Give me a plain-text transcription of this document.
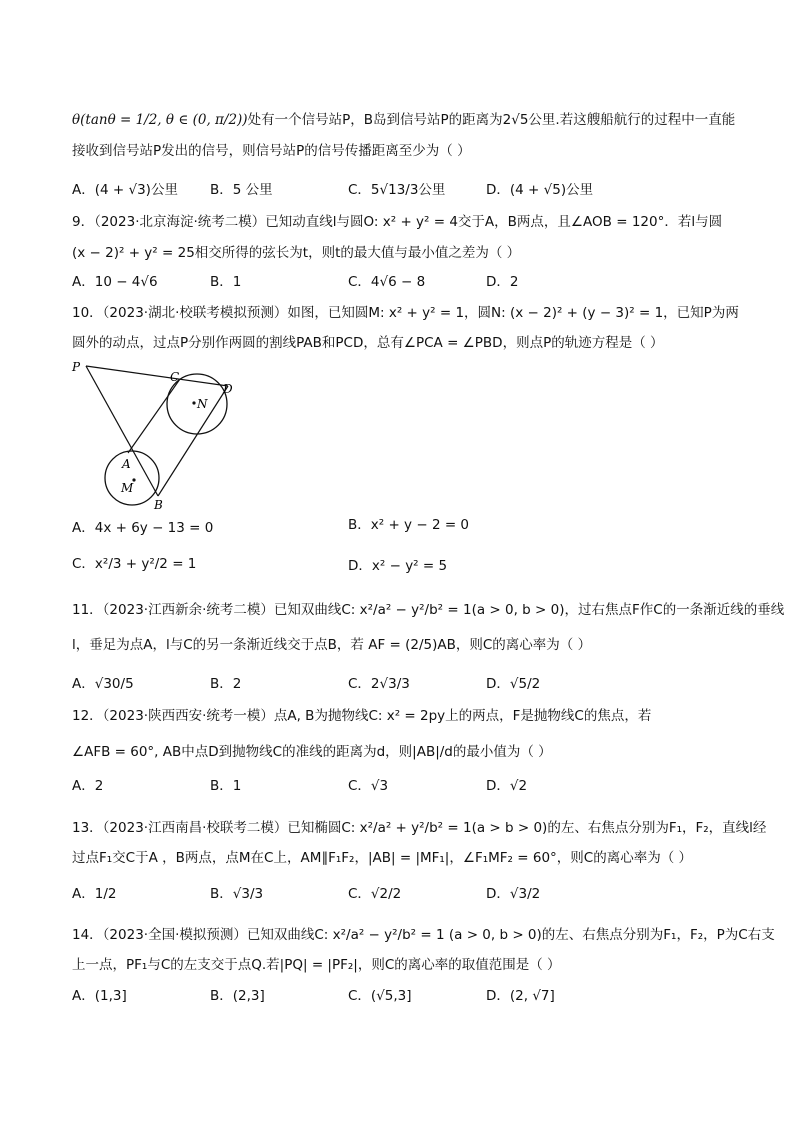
θ(tanθ = 1/2, θ ∈ (0, π/2))处有一个信号站P，B岛到信号站P的距离为2√5公里.若这艘船航行的过程中一直能
接收到信号站P发出的信号，则信号站P的信号传播距离至少为（ ）
A．(4 + √3)公里 B．5 公里	C．5√13/3公里	D．(4 + √5)公里
9．（2023·北京海淀·统考二模）已知动直线l与圆O: x² + y² = 4交于A，B两点，且∠AOB = 120°．若l与圆
(x − 2)² + y² = 25相交所得的弦长为t，则t的最大值与最小值之差为（ ）
A．10 − 4√6	B．1	C．4√6 − 8	D．2
10．（2023·湖北·校联考模拟预测）如图，已知圆M: x² + y² = 1，圆N: (x − 2)² + (y − 3)² = 1，已知P为两
圆外的动点，过点P分别作两圆的割线PAB和PCD，总有∠PCA = ∠PBD，则点P的轨迹方程是（ ）
P
C
D
N
A
M
B
A．4x + 6y − 13 = 0	B．x² + y − 2 = 0
C．x²/3 + y²/2 = 1	D．x² − y² = 5
11．（2023·江西新余·统考二模）已知双曲线C: x²/a² − y²/b² = 1(a > 0, b > 0)，过右焦点F作C的一条渐近线的垂线
l，垂足为点A，l与C的另一条渐近线交于点B，若 AF = (2/5)AB，则C的离心率为（ ）
A．√30/5	B．2	C．2√3/3	D．√5/2
12．（2023·陕西西安·统考一模）点A, B为抛物线C: x² = 2py上的两点，F是抛物线C的焦点，若
∠AFB = 60°, AB中点D到抛物线C的准线的距离为d，则|AB|/d的最小值为（ ）
A．2	B．1	C．√3	D．√2
13．（2023·江西南昌·校联考二模）已知椭圆C: x²/a² + y²/b² = 1(a > b > 0)的左、右焦点分别为F₁，F₂，直线l经
过点F₁交C于A ，B两点，点M在C上，AM∥F₁F₂，|AB| = |MF₁|，∠F₁MF₂ = 60°，则C的离心率为（ ）
A．1/2	B．√3/3	C．√2/2	D．√3/2
14．（2023·全国·模拟预测）已知双曲线C: x²/a² − y²/b² = 1 (a > 0, b > 0)的左、右焦点分别为F₁，F₂，P为C右支
上一点，PF₁与C的左支交于点Q.若|PQ| = |PF₂|，则C的离心率的取值范围是（ ）
A．(1,3]	B．(2,3]	C．(√5,3]	D．(2, √7]
